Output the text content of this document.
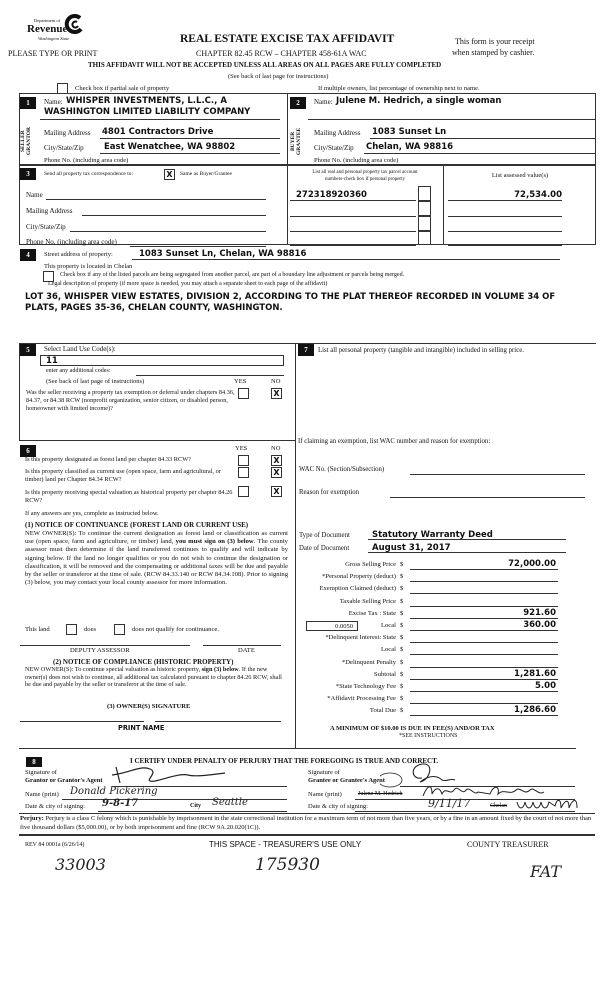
Department of
Revenue
Washington State	REAL ESTATE EXCISE TAX AFFIDAVIT	This form is your receipt
when stamped by cashier.
PLEASE TYPE OR PRINT	CHAPTER 82.45 RCW – CHAPTER 458-61A WAC
THIS AFFIDAVIT WILL NOT BE ACCEPTED UNLESS ALL AREAS ON ALL PAGES ARE FULLY COMPLETED
(See back of last page for instructions)
Check box if partial sale of property	If multiple owners, list percentage of ownership next to name.
1
SELLER GRANTOR
Name: WHISPER INVESTMENTS, L.L.C., A
WASHINGTON LIMITED LIABILITY COMPANY
Mailing Address 4801 Contractors Drive
City/State/Zip East Wenatchee, WA 98802
Phone No. (including area code)
2
BUYER GRANTEE
Name: Julene M. Hedrich, a single woman
Mailing Address 1083 Sunset Ln
City/State/Zip Chelan, WA 98816
Phone No. (including area code)
3	Send all property tax correspondence to:	X	Same as Buyer/Grantee
Name
Mailing Address
City/State/Zip
Phone No. (including area code)
List all real and personal property tax parcel account
numbers-check box if personal property
List assessed value(s)
272318920360	72,534.00
4	Street address of property:	1083 Sunset Ln, Chelan, WA 98816
This property is located in Chelan
Check box if any of the listed parcels are being segregated from another parcel, are part of a boundary line adjustment or parcels being merged.
Legal description of property (if more space is needed, you may attach a separate sheet to each page of the affidavit)
LOT 36, WHISPER VIEW ESTATES, DIVISION 2, ACCORDING TO THE PLAT THEREOF RECORDED IN VOLUME 34 OF
PLATS, PAGES 35-36, CHELAN COUNTY, WASHINGTON.
5	Select Land Use Code(s):
11
enter any additional codes:
(See back of last page of instructions)	YES	NO
Was the seller receiving a property tax exemption or deferral under chapters 84.36, 84.37, or 84.38 RCW (nonprofit organization, senior citizen, or disabled person, homeowner with limited income)?
X
6	YES	NO
Is this property designated as forest land per chapter 84.33 RCW?	X
Is this property classified as current use (open space, farm and agricultural, or timber) land per Chapter 84.34 RCW?
X
Is this property receiving special valuation as historical property per chapter 84.26 RCW?
X
If any answers are yes, complete as instructed below.
(1) NOTICE OF CONTINUANCE (FOREST LAND OR CURRENT USE)
NEW OWNER(S): To continue the current designation as forest land or classification as current use (open space, farm and agriculture, or timber) land, you must sign on (3) below. The county assessor must then determine if the land transferred continues to qualify and will indicate by signing below. If the land no longer qualifies or you do not wish to continue the designation or classification, it will be removed and the compensating or additional taxes will be due and payable by the seller or transferor at the time of sale. (RCW 84.33.140 or RCW 84.34.108). Prior to signing (3) below, you may contact your local county assessor for more information.
This land	does	does not qualify for continuance.
DEPUTY ASSESSOR	DATE
(2) NOTICE OF COMPLIANCE (HISTORIC PROPERTY)
NEW OWNER(S): To continue special valuation as historic property, sign (3) below. If the new owner(s) does not wish to continue, all additional tax calculated pursuant to chapter 84.26 RCW, shall be due and payable by the seller or transferor at the time of sale.
(3) OWNER(S) SIGNATURE
PRINT NAME
7	List all personal property (tangible and intangible) included in selling price.
If claiming an exemption, list WAC number and reason for exemption:
WAC No. (Section/Subsection)
Reason for exemption
Type of Document	Statutory Warranty Deed
Date of Document	August 31, 2017
Gross Selling Price $	72,000.00
*Personal Property (deduct) $
Exemption Claimed (deduct) $
Taxable Selling Price $
Excise Tax : State $	921.60
Local $	360.00
*Delinquent Interest: State $
Local $
*Delinquent Penalty $
Subtotal $	1,281.60
*State Technology Fee $	5.00
*Affidavit Processing Fee $
Total Due $	1,286.60
0.0050
A MINIMUM OF $10.00 IS DUE IN FEE(S) AND/OR TAX
*SEE INSTRUCTIONS
8	I CERTIFY UNDER PENALTY OF PERJURY THAT THE FOREGOING IS TRUE AND CORRECT.
Signature of
Grantor or Grantor's Agent
Name (print) Donald Pickering
Date & city of signing: 9-8-17	City Seattle
Signature of
Grantee or Grantee's Agent
Name (print)	Julene M. Hedrich
Date & city of signing:	9/11/17	Chelan
Perjury: Perjury is a class C felony which is punishable by imprisonment in the state correctional institution for a maximum term of not more than five years, or by a fine in an amount fixed by the court of not more than five thousand dollars ($5,000.00), or by both imprisonment and fine (RCW 9A.20.020(1C)).
REV 84 0001a (6/26/14)	THIS SPACE - TREASURER'S USE ONLY	COUNTY TREASURER
33003	175930	FAT
